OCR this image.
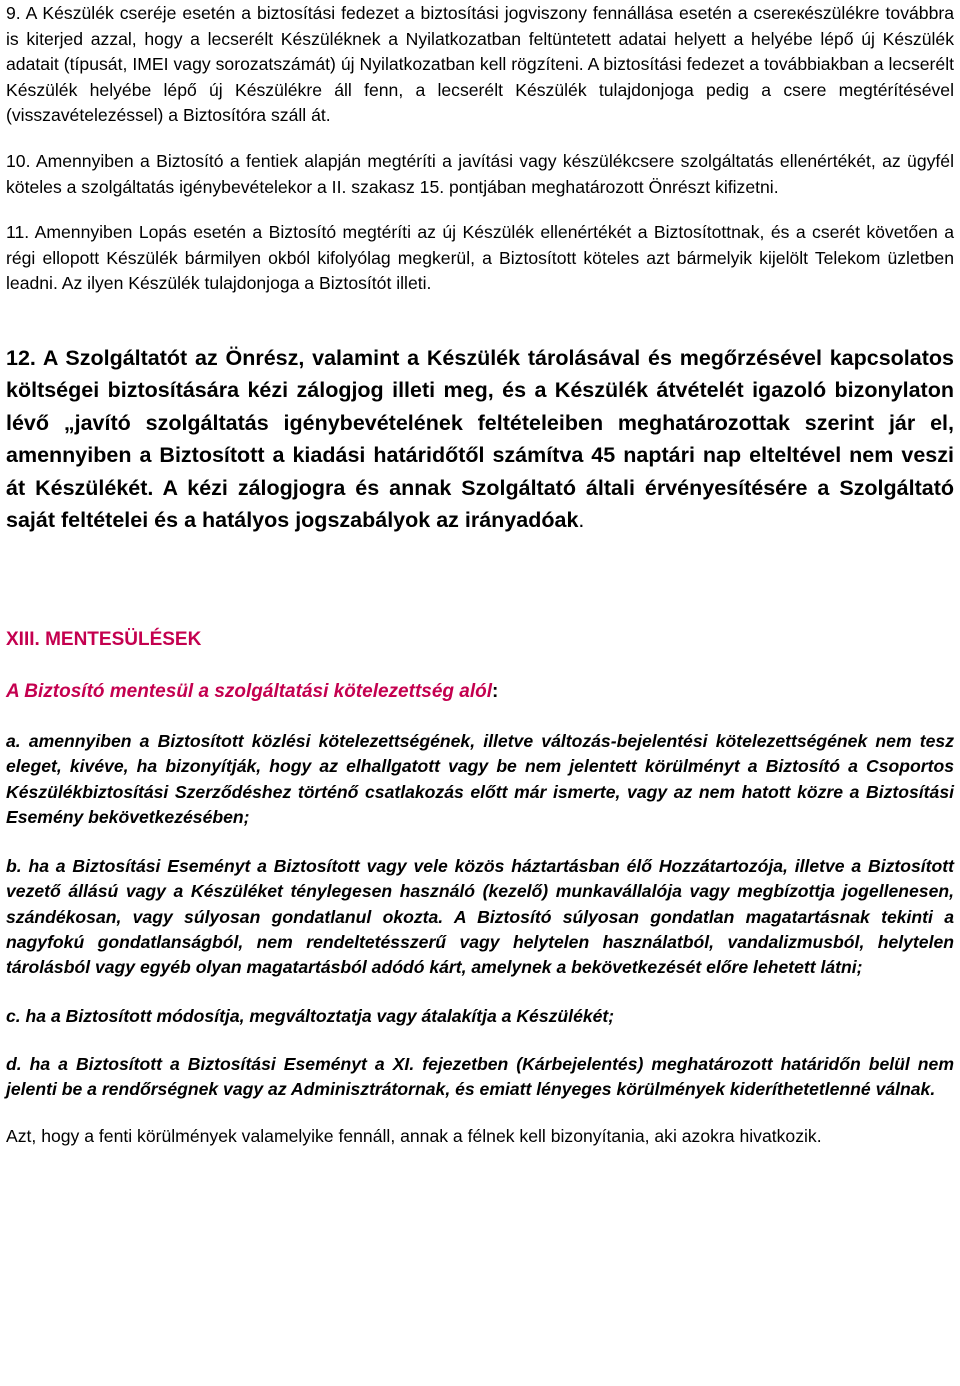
9. A Készülék cseréje esetén a biztosítási fedezet a biztosítási jogviszony fennállása esetén a csereкészülékre továbbra is kiterjed azzal, hogy a lecserélt Készüléknek a Nyilatkozatban feltüntetett adatai helyett a helyébe lépő új Készülék adatait (típusát, IMEI vagy sorozatszámát) új Nyilatkozatban kell rögzíteni. A biztosítási fedezet a továbbiakban a lecserélt Készülék helyébe lépő új Készülékre áll fenn, a lecserélt Készülék tulajdonjoga pedig a csere megtérítésével (visszavételezéssel) a Biztosítóra száll át.

10. Amennyiben a Biztosító a fentiek alapján megtéríti a javítási vagy készülékcsere szolgáltatás ellenértékét, az ügyfél köteles a szolgáltatás igénybevételekor a II. szakasz 15. pontjában meghatározott Önrészt kifizetni.

11. Amennyiben Lopás esetén a Biztosító megtéríti az új Készülék ellenértékét a Biztosítottnak, és a cserét követően a régi ellopott Készülék bármilyen okból kifolyólag megkerül, a Biztosított köteles azt bármelyik kijelölt Telekom üzletben leadni. Az ilyen Készülék tulajdonjoga a Biztosítót illeti.

12. A Szolgáltatót az Önrész, valamint a Készülék tárolásával és megőrzésével kapcsolatos költségei biztosítására kézi zálogjog illeti meg, és a Készülék átvételét igazoló bizonylaton lévő „javító szolgáltatás igénybevételének feltételeiben meghatározottak szerint jár el, amennyiben a Biztosított a kiadási határidőtől számítva 45 naptári nap elteltével nem veszi át Készülékét. A kézi zálogjogra és annak Szolgáltató általi érvényesítésére a Szolgáltató saját feltételei és a hatályos jogszabályok az irányadóak.

XIII. MENTESÜLÉSEK

A Biztosító mentesül a szolgáltatási kötelezettség alól:

a. amennyiben a Biztosított közlési kötelezettségének, illetve változás-bejelentési kötelezettségének nem tesz eleget, kivéve, ha bizonyítják, hogy az elhallgatott vagy be nem jelentett körülményt a Biztosító a Csoportos Készülékbiztosítási Szerződéshez történő csatlakozás előtt már ismerte, vagy az nem hatott közre a Biztosítási Esemény bekövetkezésében;

b. ha a Biztosítási Eseményt a Biztosított vagy vele közös háztartásban élő Hozzátartozója, illetve a Biztosított vezető állású vagy a Készüléket ténylegesen használó (kezelő) munkavállalója vagy megbízottja jogellenesen, szándékosan, vagy súlyosan gondatlanul okozta. A Biztosító súlyosan gondatlan magatartásnak tekinti a nagyfokú gondatlanságból, nem rendeltetésszerű vagy helytelen használatból, vandalizmusból, helytelen tárolásból vagy egyéb olyan magatartásból adódó kárt, amelynek a bekövetkezését előre lehetett látni;

c. ha a Biztosított módosítja, megváltoztatja vagy átalakítja a Készülékét;

d. ha a Biztosított a Biztosítási Eseményt a XI. fejezetben (Kárbejelentés) meghatározott határidőn belül nem jelenti be a rendőrségnek vagy az Adminisztrátornak, és emiatt lényeges körülmények kideríthetetlenné válnak.

Azt, hogy a fenti körülmények valamelyike fennáll, annak a félnek kell bizonyítania, aki azokra hivatkozik.
